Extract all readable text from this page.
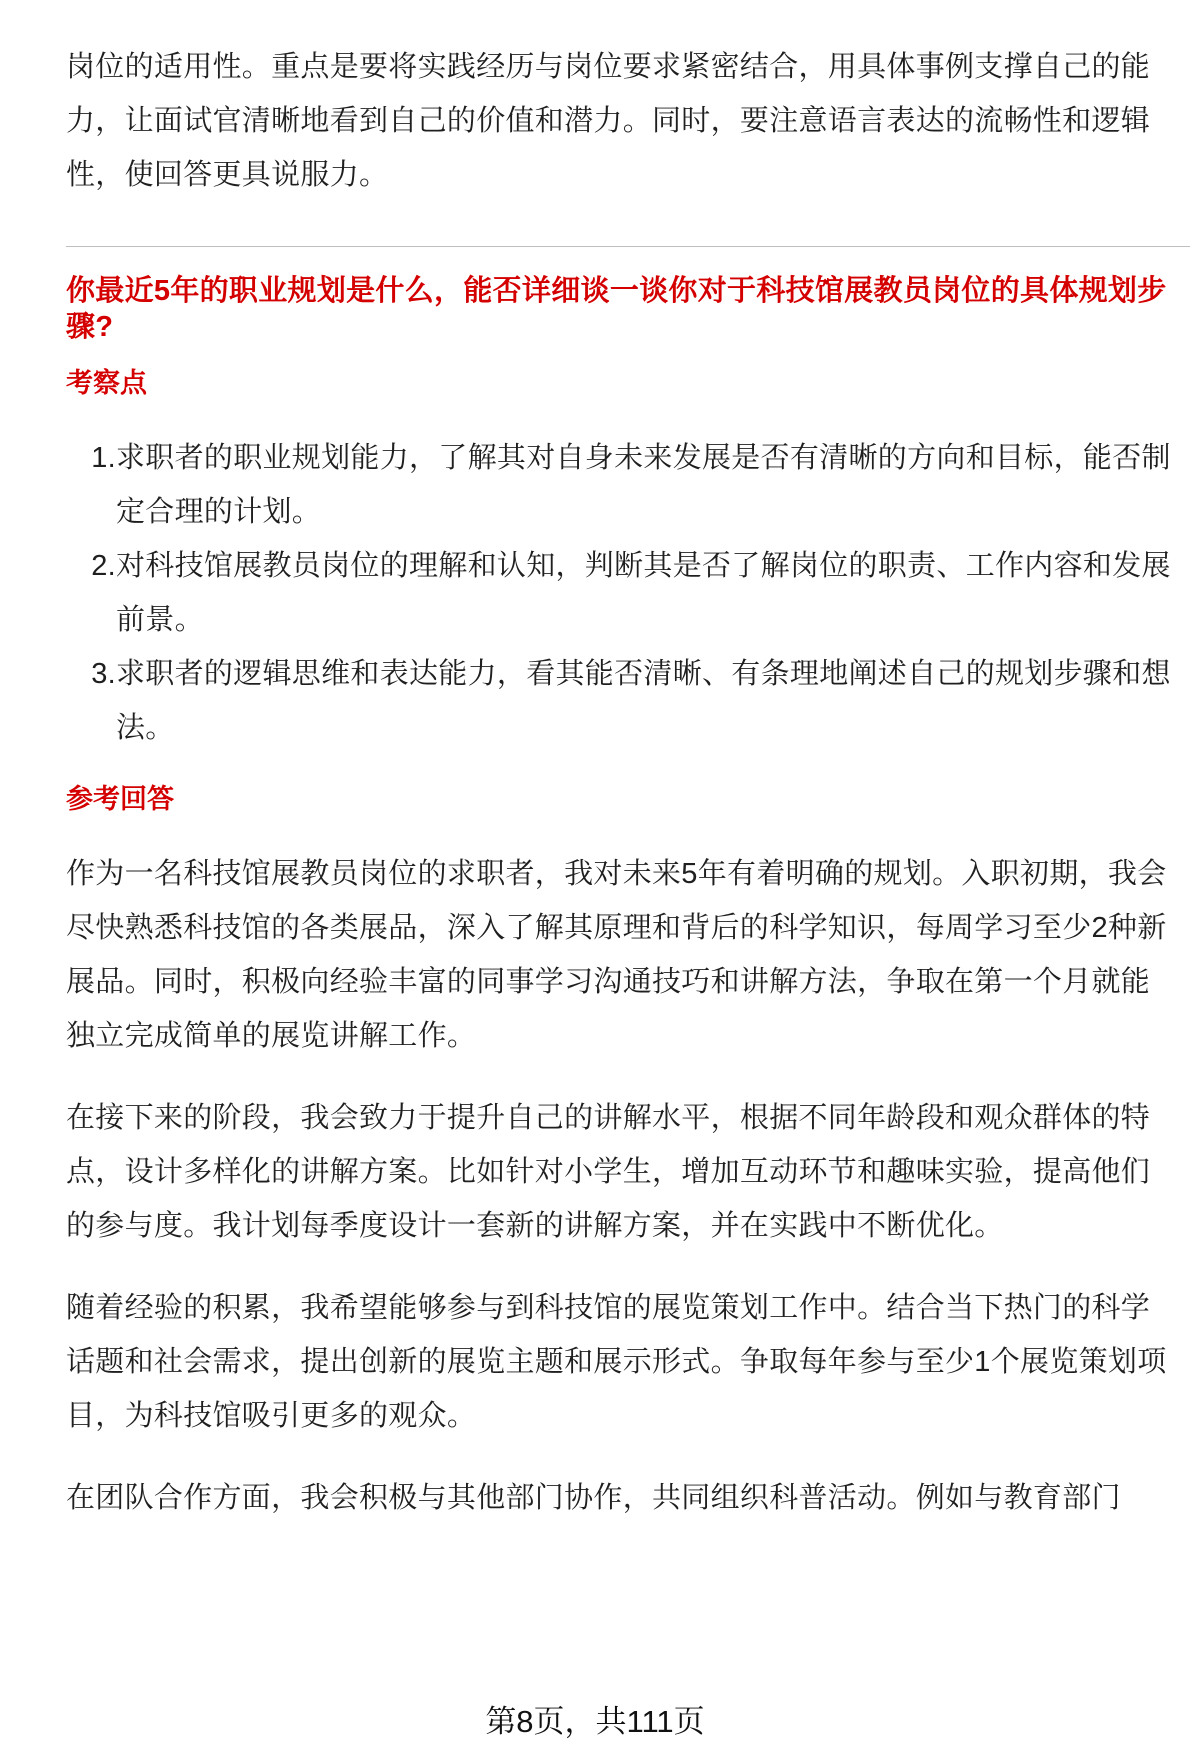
岗位的适用性。重点是要将实践经历与岗位要求紧密结合，用具体事例支撑自己的能力，让面试官清晰地看到自己的价值和潜力。同时，要注意语言表达的流畅性和逻辑性，使回答更具说服力。

你最近5年的职业规划是什么，能否详细谈一谈你对于科技馆展教员岗位的具体规划步骤?
考察点
1. 求职者的职业规划能力，了解其对自身未来发展是否有清晰的方向和目标，能否制定合理的计划。
2. 对科技馆展教员岗位的理解和认知，判断其是否了解岗位的职责、工作内容和发展前景。
3. 求职者的逻辑思维和表达能力，看其能否清晰、有条理地阐述自己的规划步骤和想法。
参考回答

作为一名科技馆展教员岗位的求职者，我对未来5年有着明确的规划。入职初期，我会尽快熟悉科技馆的各类展品，深入了解其原理和背后的科学知识，每周学习至少2种新展品。同时，积极向经验丰富的同事学习沟通技巧和讲解方法，争取在第一个月就能独立完成简单的展览讲解工作。

在接下来的阶段，我会致力于提升自己的讲解水平，根据不同年龄段和观众群体的特点，设计多样化的讲解方案。比如针对小学生，增加互动环节和趣味实验，提高他们的参与度。我计划每季度设计一套新的讲解方案，并在实践中不断优化。

随着经验的积累，我希望能够参与到科技馆的展览策划工作中。结合当下热门的科学话题和社会需求，提出创新的展览主题和展示形式。争取每年参与至少1个展览策划项目，为科技馆吸引更多的观众。

在团队合作方面，我会积极与其他部门协作，共同组织科普活动。例如与教育部门

第8页，共111页
